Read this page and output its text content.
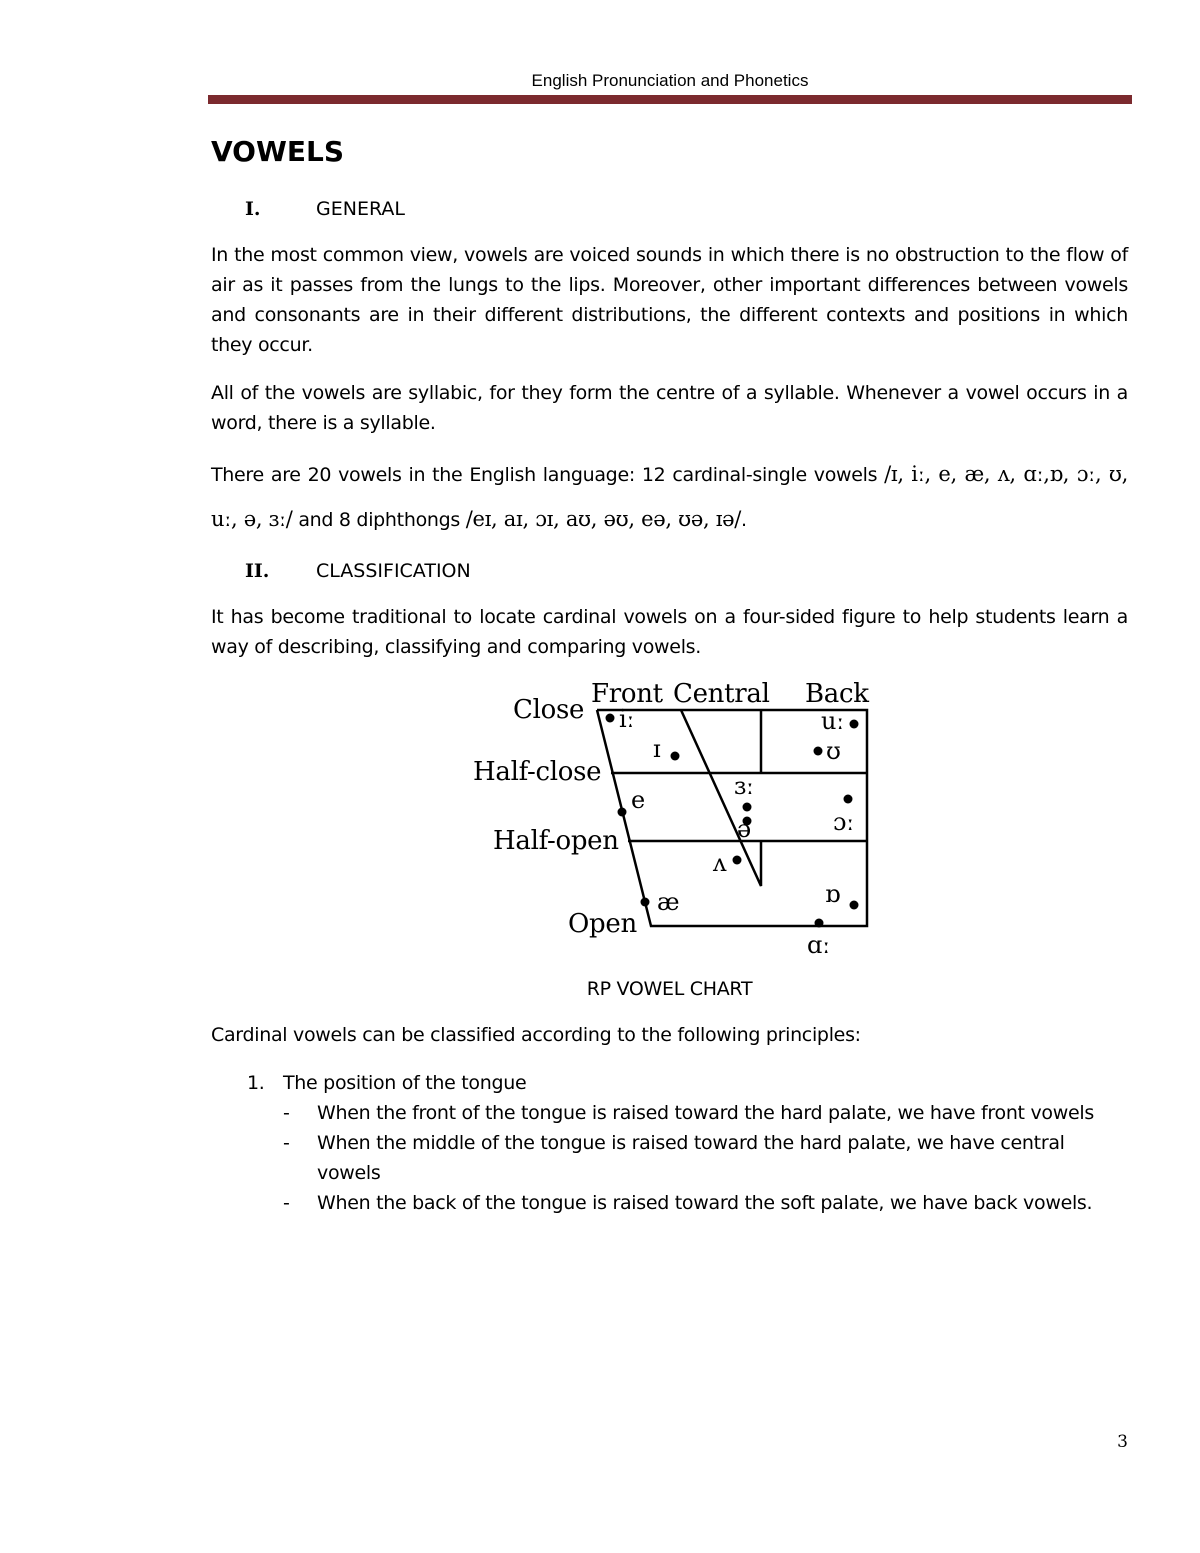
English Pronunciation and Phonetics
VOWELS
I.	GENERAL

In the most common view, vowels are voiced sounds in which there is no obstruction to the flow of air as it passes from the lungs to the lips. Moreover, other important differences between vowels and consonants are in their different distributions, the different contexts and positions in which they occur.

All of the vowels are syllabic, for they form the centre of a syllable. Whenever a vowel occurs in a word, there is a syllable.

There are 20 vowels in the English language: 12 cardinal-single vowels /ɪ, iː, e, æ, ʌ, ɑː,ɒ, ɔː, ʊ, uː, ə, ɜː/ and 8 diphthongs /eɪ, aɪ, ɔɪ, aʊ, əʊ, eə, ʊə, ɪə/.

II.	CLASSIFICATION

It has become traditional to locate cardinal vowels on a four-sided figure to help students learn a way of describing, classifying and comparing vowels.

Close
Half-close
Half-open
Open
Front Central Back
iː
ɪ
e
æ
ɜː
ə
ʌ
uː
ʊ
ɔː
ɒ
ɑː
RP VOWEL CHART

Cardinal vowels can be classified according to the following principles:

1. The position of the tongue
-	When the front of the tongue is raised toward the hard palate, we have front vowels
-	When the middle of the tongue is raised toward the hard palate, we have central vowels
-	When the back of the tongue is raised toward the soft palate, we have back vowels.
3
